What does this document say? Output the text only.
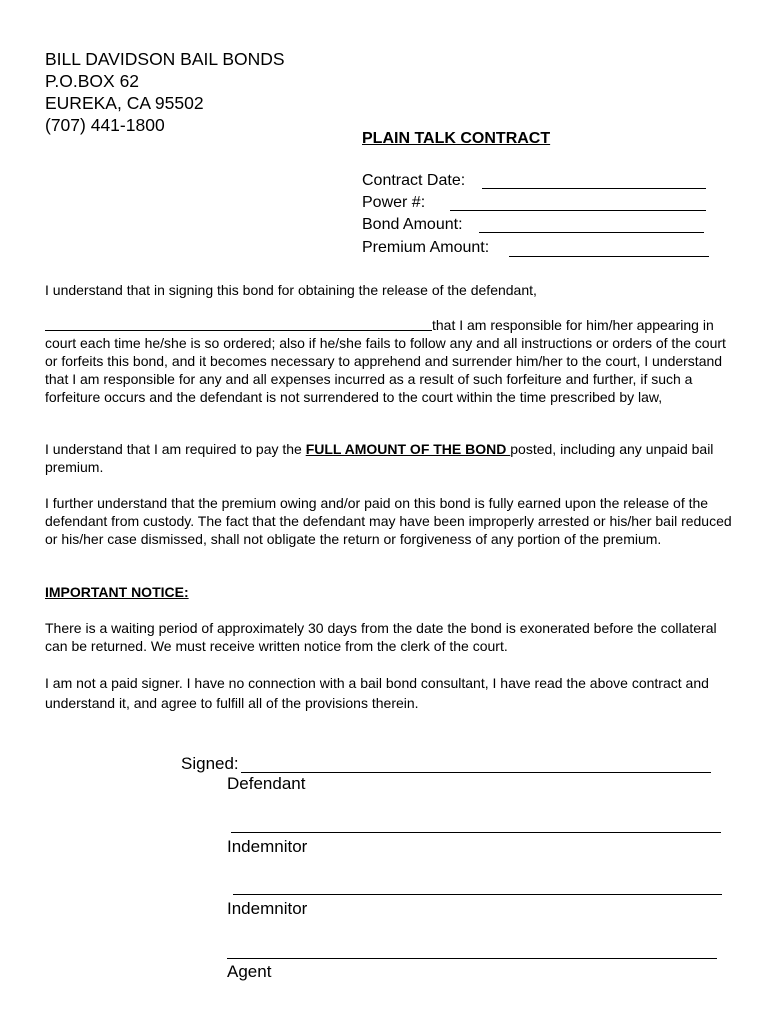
BILL DAVIDSON BAIL BONDS
P.O.BOX 62
EUREKA, CA 95502
(707) 441-1800
PLAIN TALK CONTRACT
Contract Date:
Power #:
Bond Amount:
Premium Amount:
I understand that in signing this bond for obtaining the release of the defendant,
that I am responsible for him/her appearing in court each time he/she is so ordered; also if he/she fails to follow any and all instructions or orders of the court or forfeits this bond, and it becomes necessary to apprehend and surrender him/her to the court, I understand that I am responsible for any and all expenses incurred as a result of such forfeiture and further, if such a forfeiture occurs and the defendant is not surrendered to the court within the time prescribed by law,
I understand that I am required to pay the FULL AMOUNT OF THE BOND posted, including any unpaid bail premium.
I further understand that the premium owing and/or paid on this bond is fully earned upon the release of the defendant from custody. The fact that the defendant may have been improperly arrested or his/her bail reduced or his/her case dismissed, shall not obligate the return or forgiveness of any portion of the premium.
IMPORTANT NOTICE:
There is a waiting period of approximately 30 days from the date the bond is exonerated before the collateral can be returned. We must receive written notice from the clerk of the court.
I am not a paid signer. I have no connection with a bail bond consultant, I have read the above contract and understand it, and agree to fulfill all of the provisions therein.
Signed:
Defendant
Indemnitor
Indemnitor
Agent
